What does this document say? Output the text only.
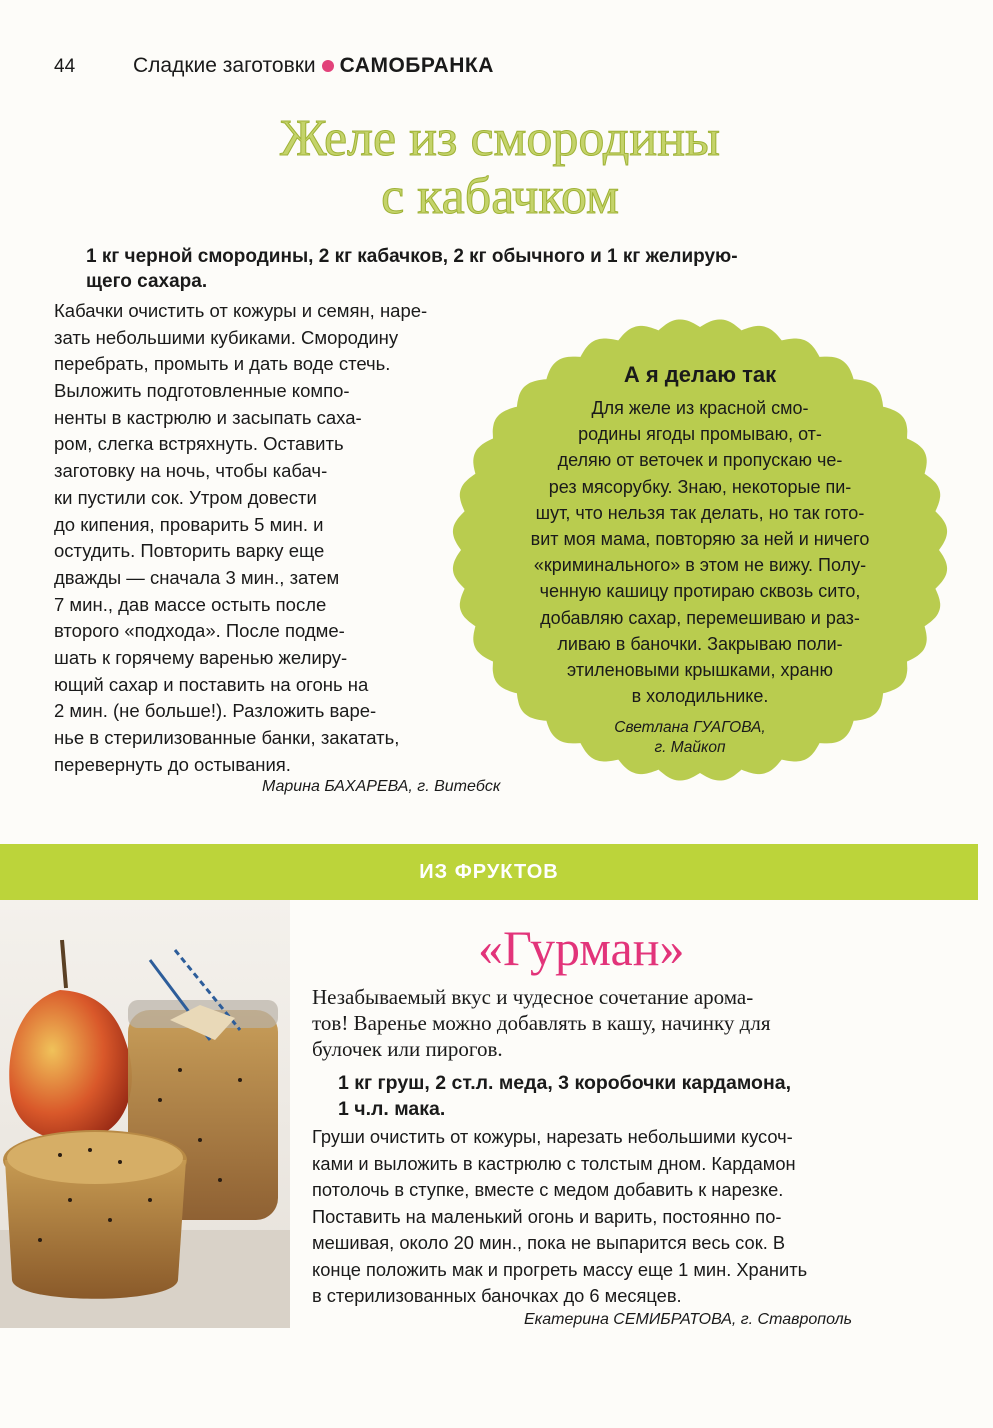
44	Сладкие заготовки САМОБРАНКА
Желе из смородины
с кабачком
1 кг черной смородины, 2 кг кабачков, 2 кг обычного и 1 кг желирую-
щего сахара.
Кабачки очистить от кожуры и семян, наре-
зать небольшими кубиками. Смородину
перебрать, промыть и дать воде стечь.
Выложить подготовленные компо-
ненты в кастрюлю и засыпать саха-
ром, слегка встряхнуть. Оставить
заготовку на ночь, чтобы кабач-
ки пустили сок. Утром довести
до кипения, проварить 5 мин. и
остудить. Повторить варку еще
дважды — сначала 3 мин., затем
7 мин., дав массе остыть после
второго «подхода». После подме-
шать к горячему варенью желиру-
ющий сахар и поставить на огонь на
2 мин. (не больше!). Разложить варе-
нье в стерилизованные банки, закатать,
перевернуть до остывания.
Марина БАХАРЕВА, г. Витебск
А я делаю так
Для желе из красной смо-
родины ягоды промываю, от-
деляю от веточек и пропускаю че-
рез мясорубку. Знаю, некоторые пи-
шут, что нельзя так делать, но так гото-
вит моя мама, повторяю за ней и ничего
«криминального» в этом не вижу. Полу-
ченную кашицу протираю сквозь сито,
добавляю сахар, перемешиваю и раз-
ливаю в баночки. Закрываю поли-
этиленовыми крышками, храню
в холодильнике.
Светлана ГУАГОВА,
г. Майкоп
ИЗ ФРУКТОВ
«Гурман»
Незабываемый вкус и чудесное сочетание арома-
тов! Варенье можно добавлять в кашу, начинку для
булочек или пирогов.
1 кг груш, 2 ст.л. меда, 3 коробочки кардамона,
1 ч.л. мака.
Груши очистить от кожуры, нарезать небольшими кусоч-
ками и выложить в кастрюлю с толстым дном. Кардамон
потолочь в ступке, вместе с медом добавить к нарезке.
Поставить на маленький огонь и варить, постоянно по-
мешивая, около 20 мин., пока не выпарится весь сок. В
конце положить мак и прогреть массу еще 1 мин. Хранить
в стерилизованных баночках до 6 месяцев.
Екатерина СЕМИБРАТОВА, г. Ставрополь
